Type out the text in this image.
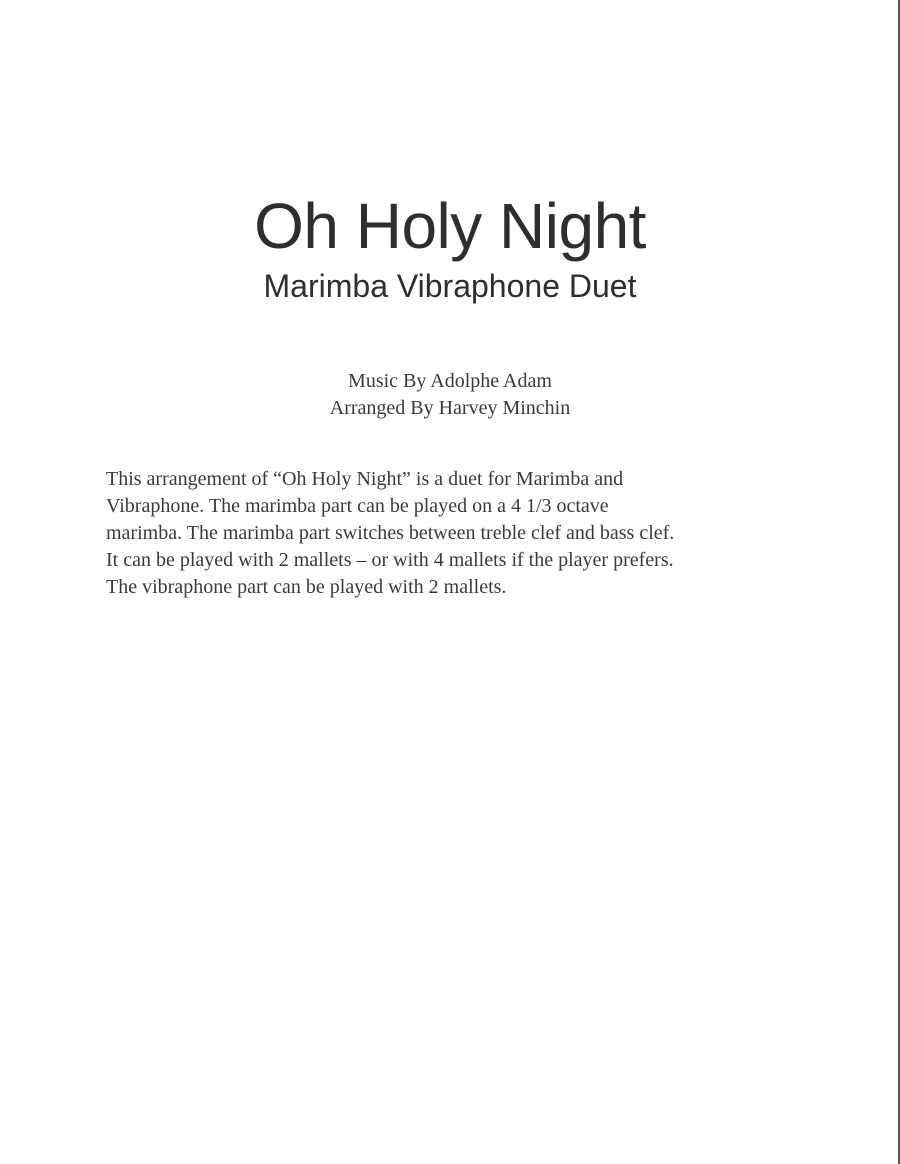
Oh Holy Night
Marimba Vibraphone Duet
Music By Adolphe Adam
Arranged By Harvey Minchin
This arrangement of “Oh Holy Night” is a duet for Marimba and
Vibraphone. The marimba part can be played on a 4 1/3 octave
marimba. The marimba part switches between treble clef and bass clef.
It can be played with 2 mallets – or with 4 mallets if the player prefers.
The vibraphone part can be played with 2 mallets.
